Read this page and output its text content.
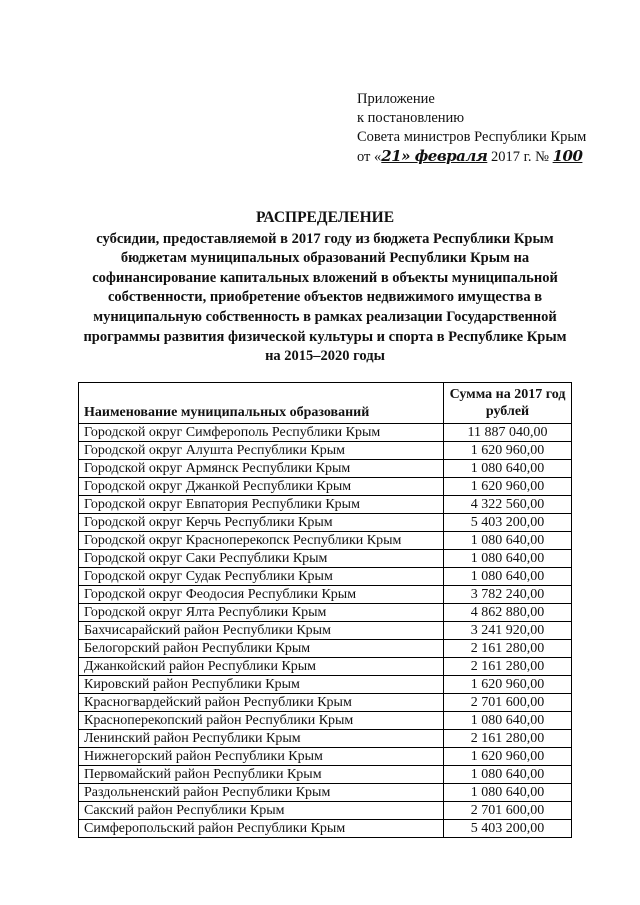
Приложение
к постановлению
Совета министров Республики Крым
от «21» февраля 2017 г. № 100
РАСПРЕДЕЛЕНИЕ
субсидии, предоставляемой в 2017 году из бюджета Республики Крым
бюджетам муниципальных образований Республики Крым на
софинансирование капитальных вложений в объекты муниципальной
собственности, приобретение объектов недвижимого имущества в
муниципальную собственность в рамках реализации Государственной
программы развития физической культуры и спорта в Республике Крым
на 2015–2020 годы
Наименование муниципальных образований	Сумма на 2017 год
рублей

Городской округ Симферополь Республики Крым	11 887 040,00
Городской округ Алушта Республики Крым	1 620 960,00
Городской округ Армянск Республики Крым	1 080 640,00
Городской округ Джанкой Республики Крым	1 620 960,00
Городской округ Евпатория Республики Крым	4 322 560,00
Городской округ Керчь Республики Крым	5 403 200,00
Городской округ Красноперекопск Республики Крым	1 080 640,00
Городской округ Саки Республики Крым	1 080 640,00
Городской округ Судак Республики Крым	1 080 640,00
Городской округ Феодосия Республики Крым	3 782 240,00
Городской округ Ялта Республики Крым	4 862 880,00
Бахчисарайский район Республики Крым	3 241 920,00
Белогорский район Республики Крым	2 161 280,00
Джанкойский район Республики Крым	2 161 280,00
Кировский район Республики Крым	1 620 960,00
Красногвардейский район Республики Крым	2 701 600,00
Красноперекопский район Республики Крым	1 080 640,00
Ленинский район Республики Крым	2 161 280,00
Нижнегорский район Республики Крым	1 620 960,00
Первомайский район Республики Крым	1 080 640,00
Раздольненский район Республики Крым	1 080 640,00
Сакский район Республики Крым	2 701 600,00
Симферопольский район Республики Крым	5 403 200,00
